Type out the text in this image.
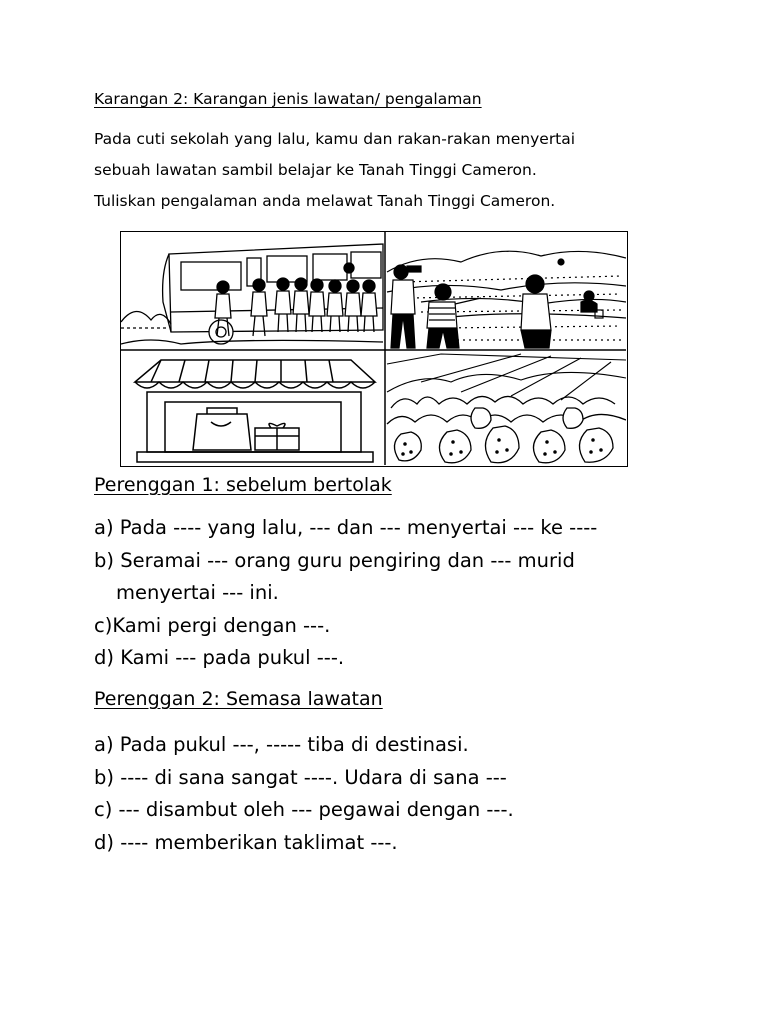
Karangan 2: Karangan jenis lawatan/ pengalaman

Pada cuti sekolah yang lalu, kamu dan rakan-rakan menyertai

sebuah lawatan sambil belajar ke Tanah Tinggi Cameron.

Tuliskan pengalaman anda melawat Tanah Tinggi Cameron.

Perenggan 1: sebelum bertolak
a) Pada ---- yang lalu, --- dan --- menyertai --- ke ----
b) Seramai --- orang guru pengiring dan --- murid
menyertai --- ini.
c)Kami pergi dengan ---.
d) Kami --- pada pukul ---.
Perenggan 2: Semasa lawatan
a) Pada pukul ---, ----- tiba di destinasi.
b) ---- di sana sangat ----. Udara di sana ---
c) --- disambut oleh --- pegawai dengan ---.
d) ---- memberikan taklimat ---.
